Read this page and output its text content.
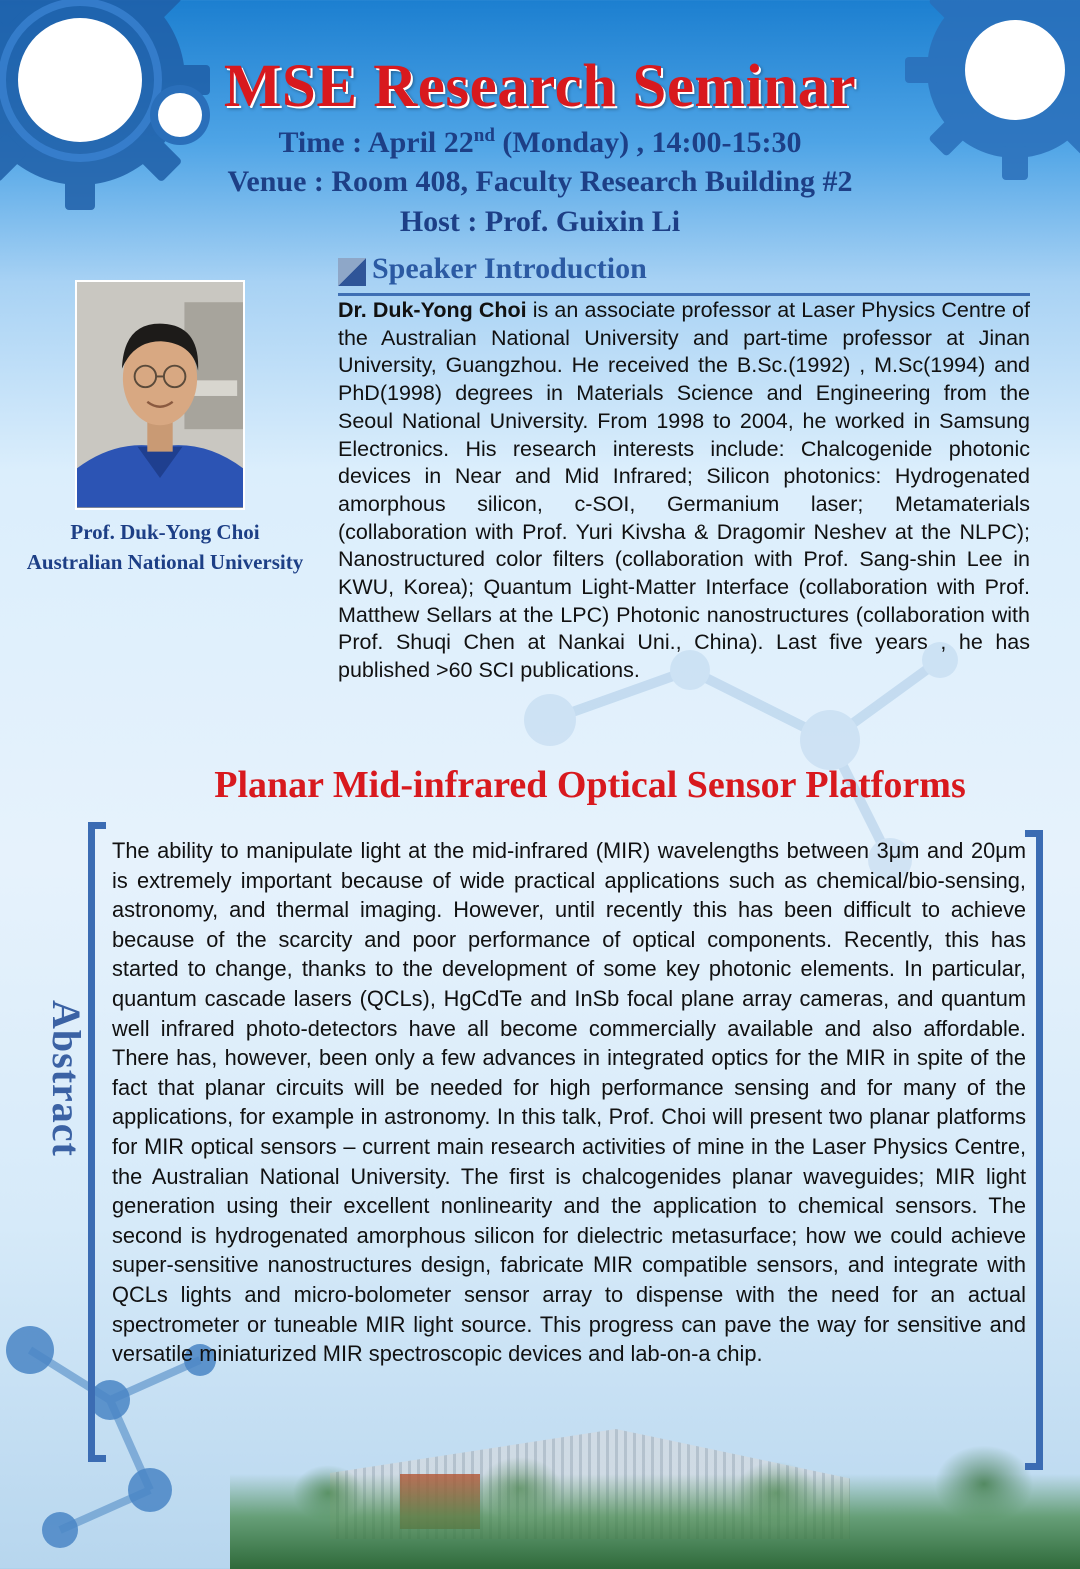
MSE Research Seminar
Time : April 22nd (Monday) , 14:00-15:30
Venue : Room 408, Faculty Research Building #2
Host : Prof. Guixin Li
Speaker Introduction
Prof. Duk-Yong Choi
Australian National University

Dr. Duk-Yong Choi is an associate professor at Laser Physics Centre of the Australian National University and part-time professor at Jinan University, Guangzhou. He received the B.Sc.(1992) , M.Sc(1994) and PhD(1998) degrees in Materials Science and Engineering from the Seoul National University. From 1998 to 2004, he worked in Samsung Electronics. His research interests include: Chalcogenide photonic devices in Near and Mid Infrared; Silicon photonics: Hydrogenated amorphous silicon, c-SOI, Germanium laser; Metamaterials (collaboration with Prof. Yuri Kivsha & Dragomir Neshev at the NLPC); Nanostructured color filters (collaboration with Prof. Sang-shin Lee in KWU, Korea); Quantum Light-Matter Interface (collaboration with Prof. Matthew Sellars at the LPC) Photonic nanostructures (collaboration with Prof. Shuqi Chen at Nankai Uni., China). Last five years , he has published >60 SCI publications.

Planar Mid-infrared Optical Sensor Platforms
Abstract

The ability to manipulate light at the mid-infrared (MIR) wavelengths between 3μm and 20μm is extremely important because of wide practical applications such as chemical/bio-sensing, astronomy, and thermal imaging. However, until recently this has been difficult to achieve because of the scarcity and poor performance of optical components. Recently, this has started to change, thanks to the development of some key photonic elements. In particular, quantum cascade lasers (QCLs), HgCdTe and InSb focal plane array cameras, and quantum well infrared photo-detectors have all become commercially available and also affordable. There has, however, been only a few advances in integrated optics for the MIR in spite of the fact that planar circuits will be needed for high performance sensing and for many of the applications, for example in astronomy. In this talk, Prof. Choi will present two planar platforms for MIR optical sensors – current main research activities of mine in the Laser Physics Centre, the Australian National University. The first is chalcogenides planar waveguides; MIR light generation using their excellent nonlinearity and the application to chemical sensors. The second is hydrogenated amorphous silicon for dielectric metasurface; how we could achieve super-sensitive nanostructures design, fabricate MIR compatible sensors, and integrate with QCLs lights and micro-bolometer sensor array to dispense with the need for an actual spectrometer or tuneable MIR light source. This progress can pave the way for sensitive and versatile miniaturized MIR spectroscopic devices and lab-on-a chip.
